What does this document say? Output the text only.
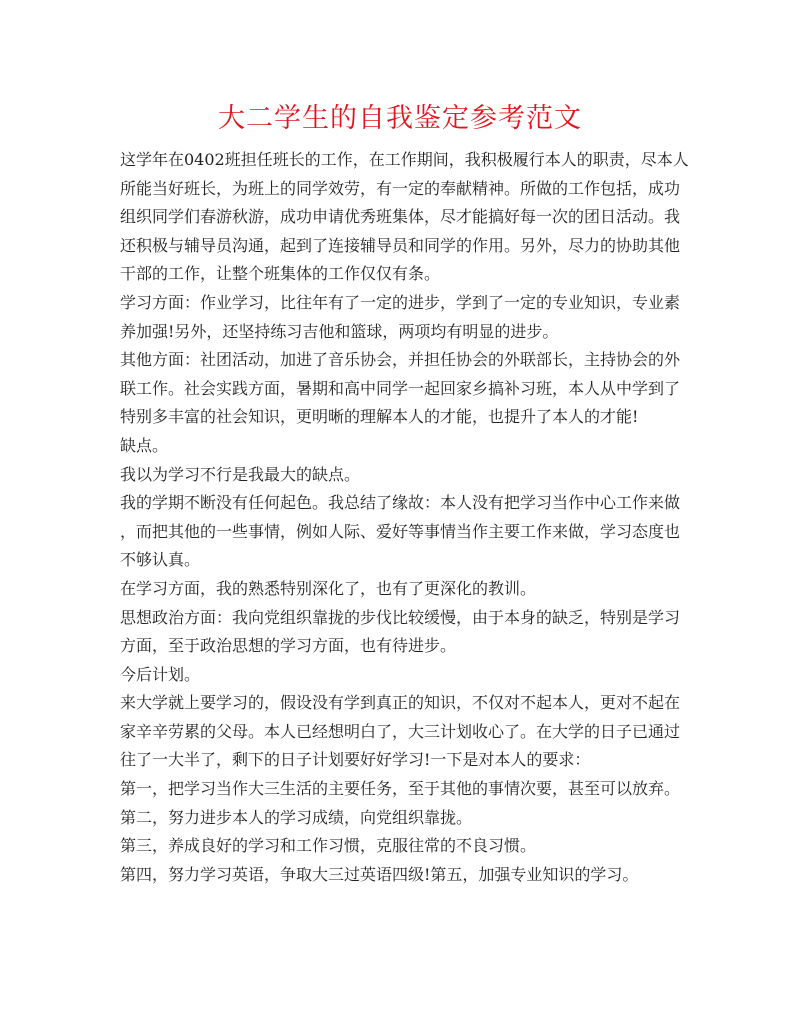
大二学生的自我鉴定参考范文
这学年在0402班担任班长的工作，在工作期间，我积极履行本人的职责，尽本人
所能当好班长，为班上的同学效劳，有一定的奉献精神。所做的工作包括，成功
组织同学们春游秋游，成功申请优秀班集体，尽才能搞好每一次的团日活动。我
还积极与辅导员沟通，起到了连接辅导员和同学的作用。另外，尽力的协助其他
干部的工作，让整个班集体的工作仅仅有条。
学习方面：作业学习，比往年有了一定的进步，学到了一定的专业知识，专业素
养加强!另外，还坚持练习吉他和篮球，两项均有明显的进步。
其他方面：社团活动，加进了音乐协会，并担任协会的外联部长，主持协会的外
联工作。社会实践方面，暑期和高中同学一起回家乡搞补习班，本人从中学到了
特别多丰富的社会知识，更明晰的理解本人的才能，也提升了本人的才能!
缺点。
我以为学习不行是我最大的缺点。
我的学期不断没有任何起色。我总结了缘故：本人没有把学习当作中心工作来做
，而把其他的一些事情，例如人际、爱好等事情当作主要工作来做，学习态度也
不够认真。
在学习方面，我的熟悉特别深化了，也有了更深化的教训。
思想政治方面：我向党组织靠拢的步伐比较缓慢，由于本身的缺乏，特别是学习
方面，至于政治思想的学习方面，也有待进步。
今后计划。
来大学就上要学习的，假设没有学到真正的知识，不仅对不起本人，更对不起在
家辛辛劳累的父母。本人已经想明白了，大三计划收心了。在大学的日子已通过
往了一大半了，剩下的日子计划要好好学习!一下是对本人的要求：
第一，把学习当作大三生活的主要任务，至于其他的事情次要，甚至可以放弃。
第二，努力进步本人的学习成绩，向党组织靠拢。
第三，养成良好的学习和工作习惯，克服往常的不良习惯。
第四，努力学习英语，争取大三过英语四级!第五，加强专业知识的学习。
